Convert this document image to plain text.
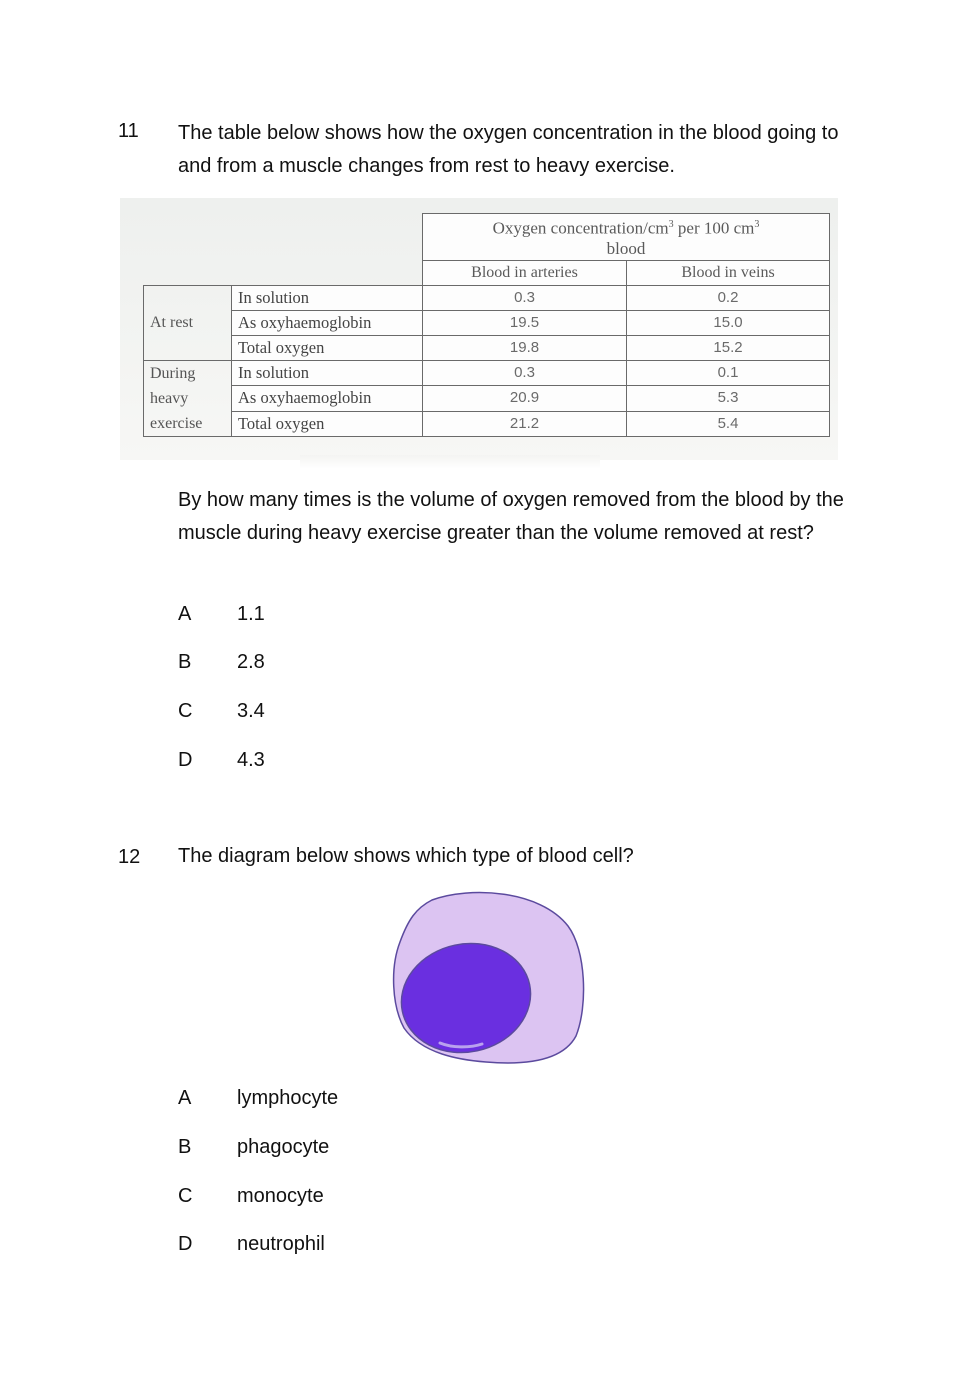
11 The table below shows how the oxygen concentration in the blood going to and from a muscle changes from rest to heavy exercise.
		Oxygen concentration/$cm^3$ per 100 $cm^3$
blood	
		Blood in arteries	Blood in veins
At rest	In solution	0.3	0.2
	As oxyhaemoglobin	19.5	15.0
	Total oxygen	19.8	15.2
During
heavy
exercise	In solution	0.3	0.1
	As oxyhaemoglobin	20.9	5.3
	Total oxygen	21.2	5.4
By how many times is the volume of oxygen removed from the blood by the muscle during heavy exercise greater than the volume removed at rest?
A 1.1
B 2.8
C 3.4
D 4.3
12 The diagram below shows which type of blood cell?
A lymphocyte
B phagocyte
C monocyte
D neutrophil
